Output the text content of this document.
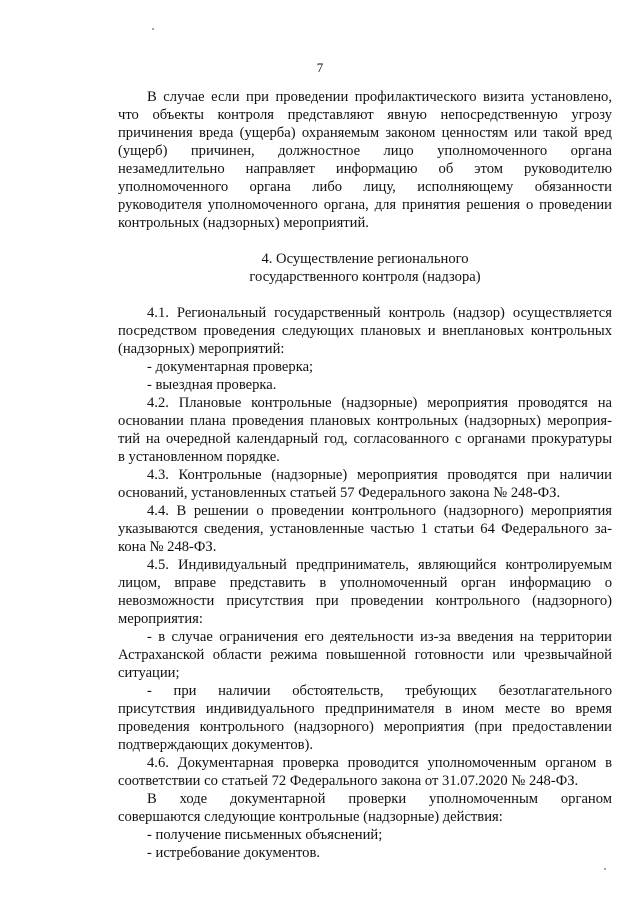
7
В случае если при проведении профилактического визита установлено,
что объекты контроля представляют явную непосредственную угрозу
причинения вреда (ущерба) охраняемым законом ценностям или такой вред
(ущерб) причинен, должностное лицо уполномоченного органа
незамедлительно направляет информацию об этом руководителю
уполномоченного органа либо лицу, исполняющему обязанности
руководителя уполномоченного органа, для принятия решения о проведении
контрольных (надзорных) мероприятий.
4. Осуществление регионального
государственного контроля (надзора)
4.1. Региональный государственный контроль (надзор) осуществляется
посредством проведения следующих плановых и внеплановых контрольных
(надзорных) мероприятий:
- документарная проверка;
- выездная проверка.
4.2. Плановые контрольные (надзорные) мероприятия проводятся на
основании плана проведения плановых контрольных (надзорных) мероприя-
тий на очередной календарный год, согласованного с органами прокуратуры
в установленном порядке.
4.3. Контрольные (надзорные) мероприятия проводятся при наличии
оснований, установленных статьей 57 Федерального закона № 248-ФЗ.
4.4. В решении о проведении контрольного (надзорного) мероприятия
указываются сведения, установленные частью 1 статьи 64 Федерального за-
кона № 248-ФЗ.
4.5. Индивидуальный предприниматель, являющийся контролируемым
лицом, вправе представить в уполномоченный орган информацию о
невозможности присутствия при проведении контрольного (надзорного)
мероприятия:
- в случае ограничения его деятельности из-за введения на территории
Астраханской области режима повышенной готовности или чрезвычайной
ситуации;
- при наличии обстоятельств, требующих безотлагательного
присутствия индивидуального предпринимателя в ином месте во время
проведения контрольного (надзорного) мероприятия (при предоставлении
подтверждающих документов).
4.6. Документарная проверка проводится уполномоченным органом в
соответствии со статьей 72 Федерального закона от 31.07.2020 № 248-ФЗ.
В ходе документарной проверки уполномоченным органом
совершаются следующие контрольные (надзорные) действия:
- получение письменных объяснений;
- истребование документов.
